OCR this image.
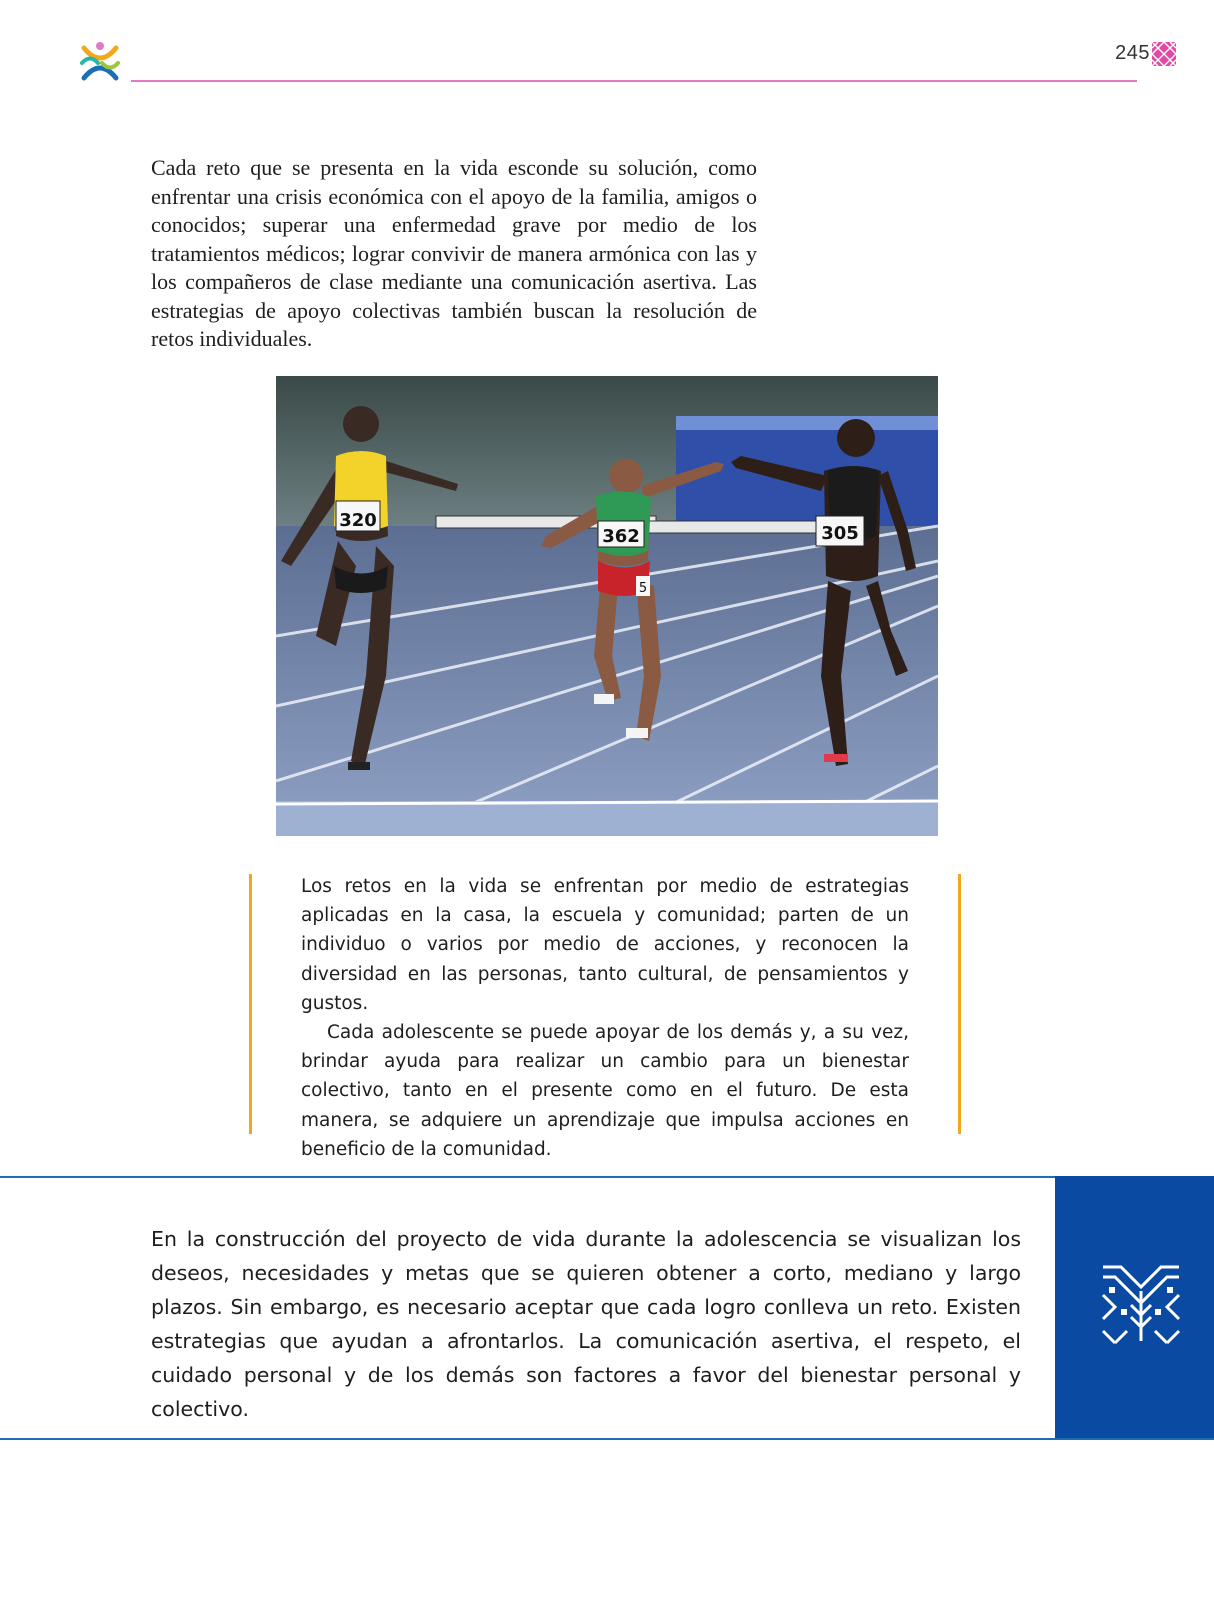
245

Cada reto que se presenta en la vida esconde su solución, como enfrentar una crisis económica con el apoyo de la familia, amigos o conocidos; superar una enfermedad grave por medio de los tratamientos médicos; lograr convivir de manera armónica con las y los compañeros de clase mediante una comunicación asertiva. Las estrategias de apoyo colectivas también buscan la resolución de retos individuales.

320
362
5
305

Los retos en la vida se enfrentan por medio de estrategias aplicadas en la casa, la escuela y comunidad; parten de un individuo o varios por medio de acciones, y reconocen la diversidad en las personas, tanto cultural, de pensamientos y gustos.

Cada adolescente se puede apoyar de los demás y, a su vez, brindar ayuda para realizar un cambio para un bienestar colectivo, tanto en el presente como en el futuro. De esta manera, se adquiere un aprendizaje que impulsa acciones en beneficio de la comunidad.

En la construcción del proyecto de vida durante la adolescencia se visualizan los deseos, necesidades y metas que se quieren obtener a corto, mediano y largo plazos. Sin embargo, es necesario aceptar que cada logro conlleva un reto. Existen estrategias que ayudan a afrontarlos. La comunicación asertiva, el respeto, el cuidado personal y de los demás son factores a favor del bienestar personal y colectivo.
